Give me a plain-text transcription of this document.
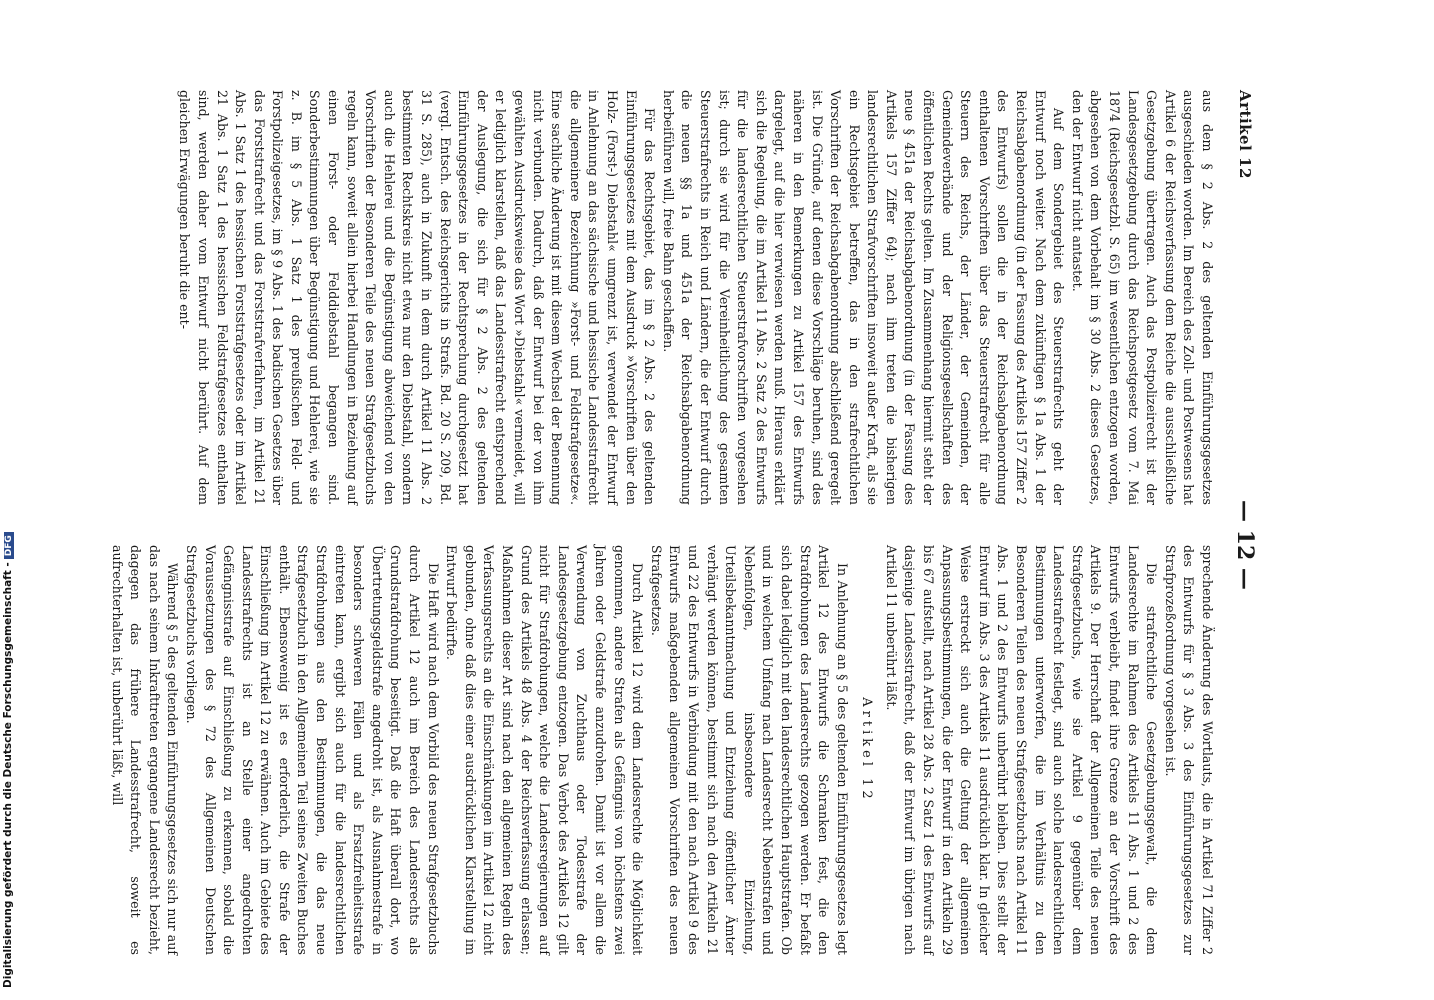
Artikel 12
— 12 —

aus dem § 2 Abs. 2 des geltenden Einführungsgesetzes ausgeschieden worden. Im Bereich des Zoll- und Postwesens hat Artikel 6 der Reichsverfassung dem Reiche die ausschließliche Gesetzgebung übertragen. Auch das Postpolizeirecht ist der Landesgesetzgebung durch das Reichspostgesetz vom 7. Mai 1874 (Reichsgesetzbl. S. 65) im wesentlichen entzogen worden, abgesehen von dem Vorbehalt im § 30 Abs. 2 dieses Gesetzes, den der Entwurf nicht antastet.

Auf dem Sondergebiet des Steuerstrafrechts geht der Entwurf noch weiter. Nach dem zukünftigen § 1a Abs. 1 der Reichsabgabenordnung (in der Fassung des Artikels 157 Ziffer 2 des Entwurfs) sollen die in der Reichsabgabenordnung enthaltenen Vorschriften über das Steuerstrafrecht für alle Steuern des Reichs, der Länder, der Gemeinden, der Gemeindeverbände und der Religionsgesellschaften des öffentlichen Rechts gelten. Im Zusammenhang hiermit steht der neue § 451a der Reichsabgabenordnung (in der Fassung des Artikels 157 Ziffer 64); nach ihm treten die bisherigen landesrechtlichen Strafvorschriften insoweit außer Kraft, als sie ein Rechtsgebiet betreffen, das in den strafrechtlichen Vorschriften der Reichsabgabenordnung abschließend geregelt ist. Die Gründe, auf denen diese Vorschläge beruhen, sind des näheren in den Bemerkungen zu Artikel 157 des Entwurfs dargelegt, auf die hier verwiesen werden muß. Hieraus erklärt sich die Regelung, die im Artikel 11 Abs. 2 Satz 2 des Entwurfs für die landesrechtlichen Steuerstrafvorschriften vorgesehen ist; durch sie wird für die Vereinheitlichung des gesamten Steuerstrafrechts in Reich und Ländern, die der Entwurf durch die neuen §§ 1a und 451a der Reichsabgabenordnung herbeiführen will, freie Bahn geschaffen.

Für das Rechtsgebiet, das im § 2 Abs. 2 des geltenden Einführungsgesetzes mit dem Ausdruck »Vorschriften über den Holz- (Forst-) Diebstahl« umgrenzt ist, verwendet der Entwurf in Anlehnung an das sächsische und hessische Landesstrafrecht die allgemeinere Bezeichnung »Forst- und Feldstrafgesetze«. Eine sachliche Änderung ist mit diesem Wechsel der Benennung nicht verbunden. Dadurch, daß der Entwurf bei der von ihm gewählten Ausdrucksweise das Wort »Diebstahl« vermeidet, will er lediglich klarstellen, daß das Landesstrafrecht entsprechend der Auslegung, die sich für § 2 Abs. 2 des geltenden Einführungsgesetzes in der Rechtsprechung durchgesetzt hat (vergl. Entsch. des Reichsgerichts in Strafs. Bd. 20 S. 209, Bd. 31 S. 285), auch in Zukunft in dem durch Artikel 11 Abs. 2 bestimmten Rechtskreis nicht etwa nur den Diebstahl, sondern auch die Hehlerei und die Begünstigung abweichend von den Vorschriften der Besonderen Teile des neuen Strafgesetzbuchs regeln kann, soweit allein hierbei Handlungen in Beziehung auf einen Forst- oder Felddiebstahl begangen sind. Sonderbestimmungen über Begünstigung und Hehlerei, wie sie z. B. im § 5 Abs. 1 Satz 1 des preußischen Feld- und Forstpolizeigesetzes, im § 9 Abs. 1 des badischen Gesetzes über das Forststrafrecht und das Forststrafverfahren, im Artikel 21 Abs. 1 Satz 1 des hessischen Forststrafgesetzes oder im Artikel 21 Abs. 1 Satz 1 des hessischen Feldstrafgesetzes enthalten sind, werden daher vom Entwurf nicht berührt. Auf dem gleichen Erwägungen beruht die ent-

sprechende Änderung des Wortlauts, die in Artikel 71 Ziffer 2 des Entwurfs für § 3 Abs. 3 des Einführungsgesetzes zur Strafprozeßordnung vorgesehen ist.

Die strafrechtliche Gesetzgebungsgewalt, die dem Landesrechte im Rahmen des Artikels 11 Abs. 1 und 2 des Entwurfs verbleibt, findet ihre Grenze an der Vorschrift des Artikels 9. Der Herrschaft der Allgemeinen Teile des neuen Strafgesetzbuchs, wie sie Artikel 9 gegenüber dem Landesstrafrecht festlegt, sind auch solche landesrechtlichen Bestimmungen unterworfen, die im Verhältnis zu den Besonderen Teilen des neuen Strafgesetzbuchs nach Artikel 11 Abs. 1 und 2 des Entwurfs unberührt bleiben. Dies stellt der Entwurf im Abs. 3 des Artikels 11 ausdrücklich klar. In gleicher Weise erstreckt sich auch die Geltung der allgemeinen Anpassungsbestimmungen, die der Entwurf in den Artikeln 29 bis 67 aufstellt, nach Artikel 28 Abs. 2 Satz 1 des Entwurfs auf dasjenige Landesstrafrecht, daß der Entwurf im übrigen nach Artikel 11 unberührt läßt.

Artikel 12

In Anlehnung an § 5 des geltenden Einführungsgesetzes legt Artikel 12 des Entwurfs die Schranken fest, die den Strafdrohungen des Landesrechts gezogen werden. Er befaßt sich dabei lediglich mit den landesrechtlichen Hauptstrafen. Ob und in welchem Umfang nach Landesrecht Nebenstrafen und Nebenfolgen, insbesondere Einziehung, Urteilsbekanntmachung und Entziehung öffentlicher Ämter verhängt werden können, bestimmt sich nach den Artikeln 21 und 22 des Entwurfs in Verbindung mit den nach Artikel 9 des Entwurfs maßgebenden allgemeinen Vorschriften des neuen Strafgesetzes.

Durch Artikel 12 wird dem Landesrechte die Möglichkeit genommen, andere Strafen als Gefängnis von höchstens zwei Jahren oder Geldstrafe anzudrohen. Damit ist vor allem die Verwendung von Zuchthaus oder Todesstrafe der Landesgesetzgebung entzogen. Das Verbot des Artikels 12 gilt nicht für Strafdrohungen, welche die Landesregierungen auf Grund des Artikels 48 Abs. 4 der Reichsverfassung erlassen; Maßnahmen dieser Art sind nach den allgemeinen Regeln des Verfassungsrechts an die Einschränkungen im Artikel 12 nicht gebunden, ohne daß dies einer ausdrücklichen Klarstellung im Entwurf bedürfte.

Die Haft wird nach dem Vorbild des neuen Strafgesetzbuchs durch Artikel 12 auch im Bereich des Landesrechts als Grundstrafdrohung beseitigt. Daß die Haft überall dort, wo Übertretungsgeldstrafe angedroht ist, als Ausnahmestrafe in besonders schweren Fällen und als Ersatzfreiheitsstrafe eintreten kann, ergibt sich auch für die landesrechtlichen Strafdrohungen aus den Bestimmungen, die das neue Strafgesetzbuch in den Allgemeinen Teil seines Zweiten Buches enthält. Ebensowenig ist es erforderlich, die Strafe der Einschließung im Artikel 12 zu erwähnen. Auch im Gebiete des Landesstrafrechts ist an Stelle einer angedrohten Gefängnisstrafe auf Einschließung zu erkennen, sobald die Voraussetzungen des § 72 des Allgemeinen Deutschen Strafgesetzbuchs vorliegen.

Während § 5 des geltenden Einführungsgesetzes sich nur auf das nach seinem Inkrafttreten ergangene Landesrecht bezieht, dagegen das frühere Landesstrafrecht, soweit es aufrechterhalten ist, unberührt läßt, will

Digitalisierung gefördert durch die Deutsche Forschungsgemeinschaft -DFG
